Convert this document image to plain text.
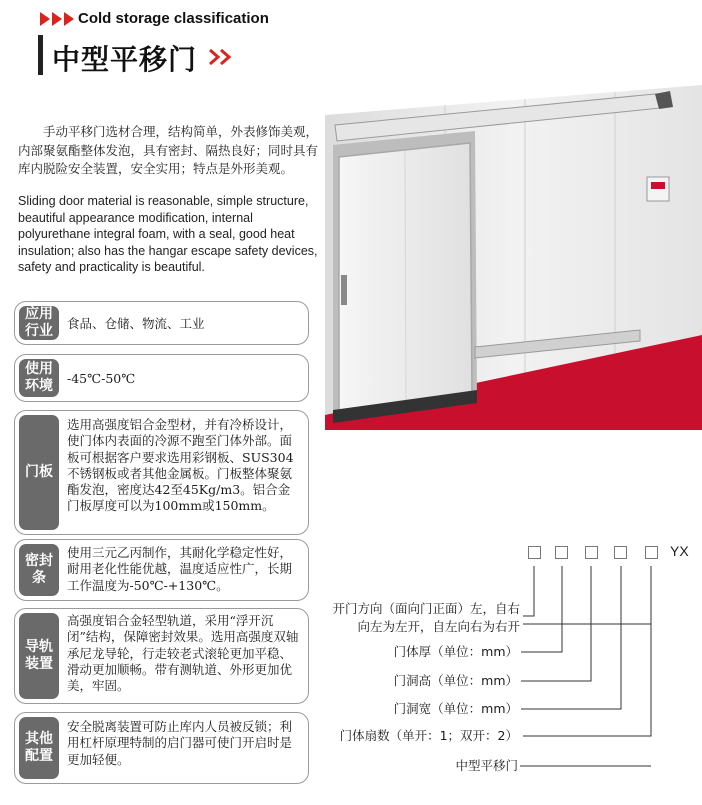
Cold storage classification
中型平移门
手动平移门选材合理，结构简单，外表修饰美观，内部聚氨酯整体发泡，具有密封、隔热良好；同时具有库内脱险安全装置，安全实用；特点是外形美观。
Sliding door material is reasonable, simple structure, beautiful appearance modification, internal polyurethane integral foam, with a seal, good heat insulation; also has the hangar escape safety devices, safety and practicality is beautiful.
应用行业 食品、仓储、物流、工业
使用环境 -45℃-50℃
门板
选用高强度铝合金型材，并有冷桥设计，使门体内表面的冷源不跑至门体外部。面板可根据客户要求选用彩钢板、SUS304不锈钢板或者其他金属板。门板整体聚氨酯发泡，密度达42至45Kg/m3。铝合金门板厚度可以为100mm或150mm。
密封条
使用三元乙丙制作，其耐化学稳定性好，耐用老化性能优越，温度适应性广，长期工作温度为-50℃-+130℃。
导轨装置
高强度铝合金轻型轨道，采用“浮开沉闭”结构，保障密封效果。选用高强度双轴承尼龙导轮，行走较老式滚轮更加平稳、滑动更加顺畅。带有测轨道、外形更加优美，牢固。
其他配置
安全脱离装置可防止库内人员被反锁；利用杠杆原理特制的启门器可使门开启时是更加轻便。
YX
开门方向（面向门正面）左，自右向左为左开，自左向右为右开
门体厚（单位：mm）
门洞高（单位：mm）
门洞宽（单位：mm）
门体扇数（单开：1；双开：2）
中型平移门
